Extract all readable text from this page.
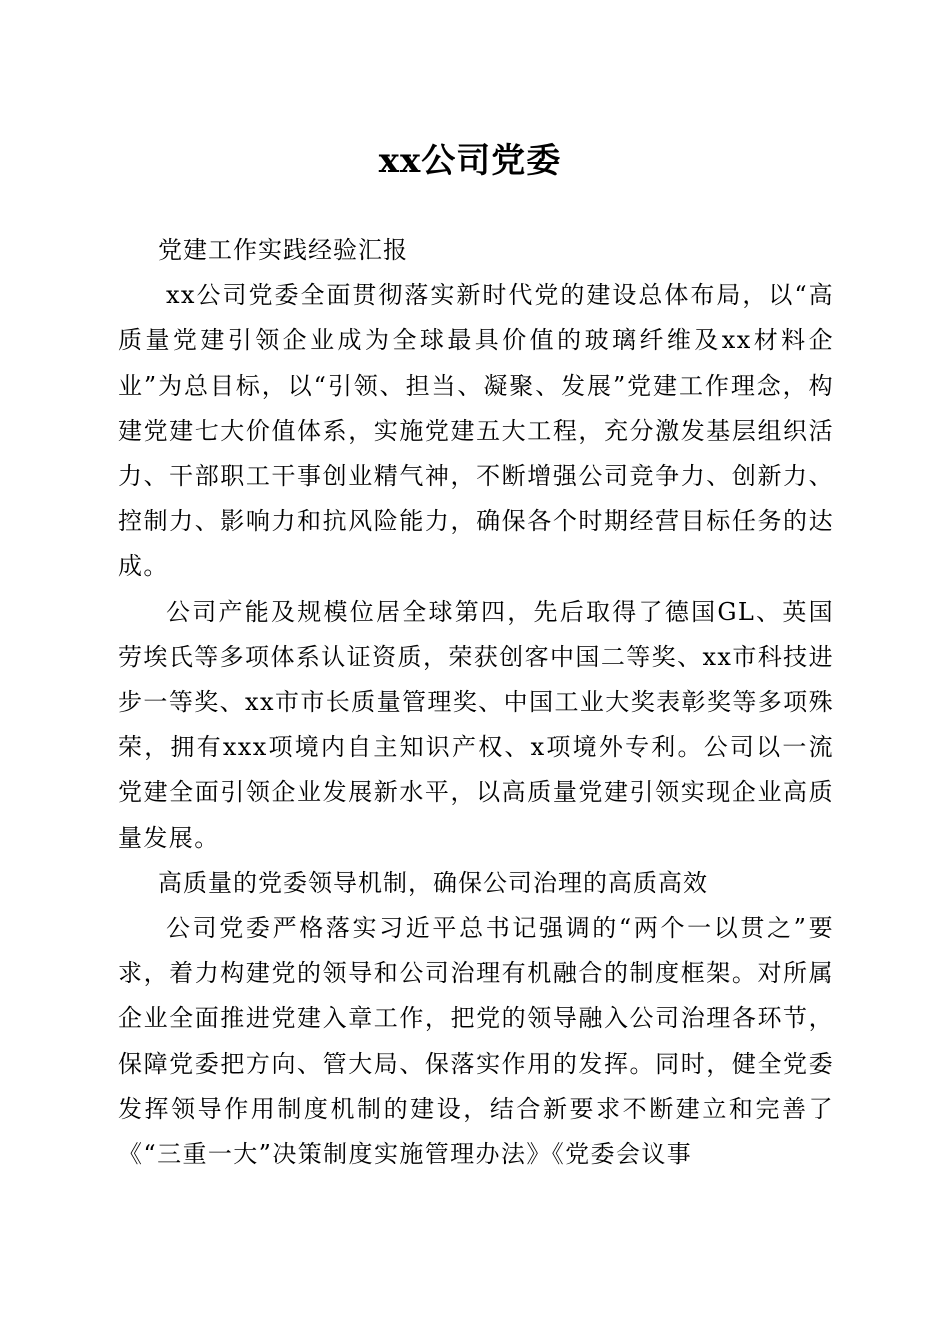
xx公司党委

党建工作实践经验汇报

xx公司党委全面贯彻落实新时代党的建设总体布局，以“高质量党建引领企业成为全球最具价值的玻璃纤维及xx材料企业”为总目标，以“引领、担当、凝聚、发展”党建工作理念，构建党建七大价值体系，实施党建五大工程，充分激发基层组织活力、干部职工干事创业精气神，不断增强公司竞争力、创新力、控制力、影响力和抗风险能力，确保各个时期经营目标任务的达成。

公司产能及规模位居全球第四，先后取得了德国GL、英国劳埃氏等多项体系认证资质，荣获创客中国二等奖、xx市科技进步一等奖、xx市市长质量管理奖、中国工业大奖表彰奖等多项殊荣，拥有xxx项境内自主知识产权、x项境外专利。公司以一流党建全面引领企业发展新水平，以高质量党建引领实现企业高质量发展。

高质量的党委领导机制，确保公司治理的高质高效

公司党委严格落实习近平总书记强调的“两个一以贯之”要求，着力构建党的领导和公司治理有机融合的制度框架。对所属企业全面推进党建入章工作，把党的领导融入公司治理各环节，保障党委把方向、管大局、保落实作用的发挥。同时，健全党委发挥领导作用制度机制的建设，结合新要求不断建立和完善了《“三重一大”决策制度实施管理办法》《党委会议事
